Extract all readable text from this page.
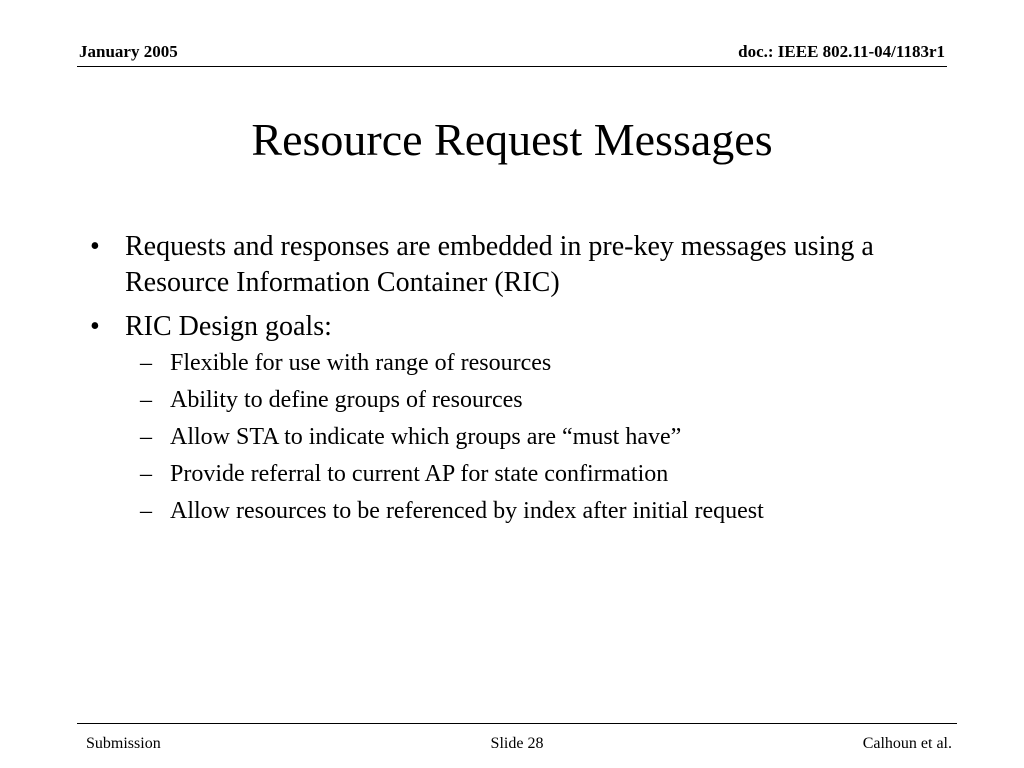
January 2005	doc.: IEEE 802.11-04/1183r1
Resource Request Messages
• Requests and responses are embedded in pre-key messages using a Resource Information Container (RIC)
• RIC Design goals:
– Flexible for use with range of resources
– Ability to define groups of resources
– Allow STA to indicate which groups are “must have”
– Provide referral to current AP for state confirmation
– Allow resources to be referenced by index after initial request
Submission	Slide 28	Calhoun et al.
